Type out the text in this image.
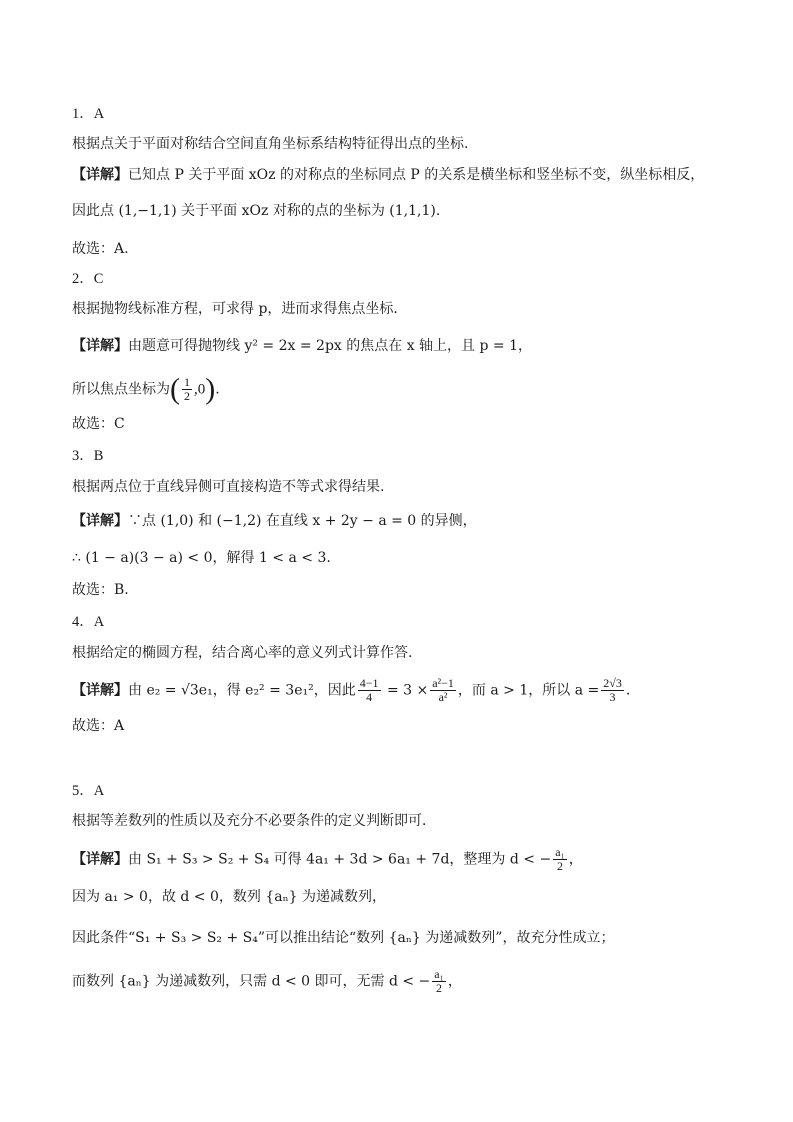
1．A
根据点关于平面对称结合空间直角坐标系结构特征得出点的坐标.
【详解】已知点 P 关于平面 xOz 的对称点的坐标同点 P 的关系是横坐标和竖坐标不变，纵坐标相反，
因此点 (1,−1,1) 关于平面 xOz 对称的点的坐标为 (1,1,1).
故选：A.
2．C
根据抛物线标准方程，可求得 p，进而求得焦点坐标．
【详解】由题意可得抛物线 y² = 2x = 2px 的焦点在 x 轴上，且 p = 1，
所以焦点坐标为( $\frac{1}{2} ,0$).
故选：C
3．B
根据两点位于直线异侧可直接构造不等式求得结果.
【详解】∵点 (1,0) 和 (−1,2) 在直线 x + 2y − a = 0 的异侧，
∴ (1 − a)(3 − a) < 0，解得 1 < a < 3.
故选：B.
4．A
根据给定的椭圆方程，结合离心率的意义列式计算作答.
【详解】由 e₂ = √3e₁，得 e₂² = 3e₁²，因此 $\frac{4-1}{4} = 3 \times \frac{\text{a²−1}}{\text{a²}}$ ，而 a > 1，所以 $a = \frac{2√3}{3}$ .
故选：A
5．A
根据等差数列的性质以及充分不必要条件的定义判断即可．
【详解】由 S₁ + S₃ > S₂ + S₄ 可得 4a₁ + 3d > 6a₁ + 7d，整理为 d < − $\frac{\text{a₁}}{2}$ ，
因为 a₁ > 0，故 d < 0，数列 {aₙ} 为递减数列，
因此条件“S₁ + S₃ > S₂ + S₄”可以推出结论“数列 {aₙ} 为递减数列”，故充分性成立；
而数列 {aₙ} 为递减数列，只需 d < 0 即可，无需 d < − $\frac{\text{a₁}}{2}$ ，
